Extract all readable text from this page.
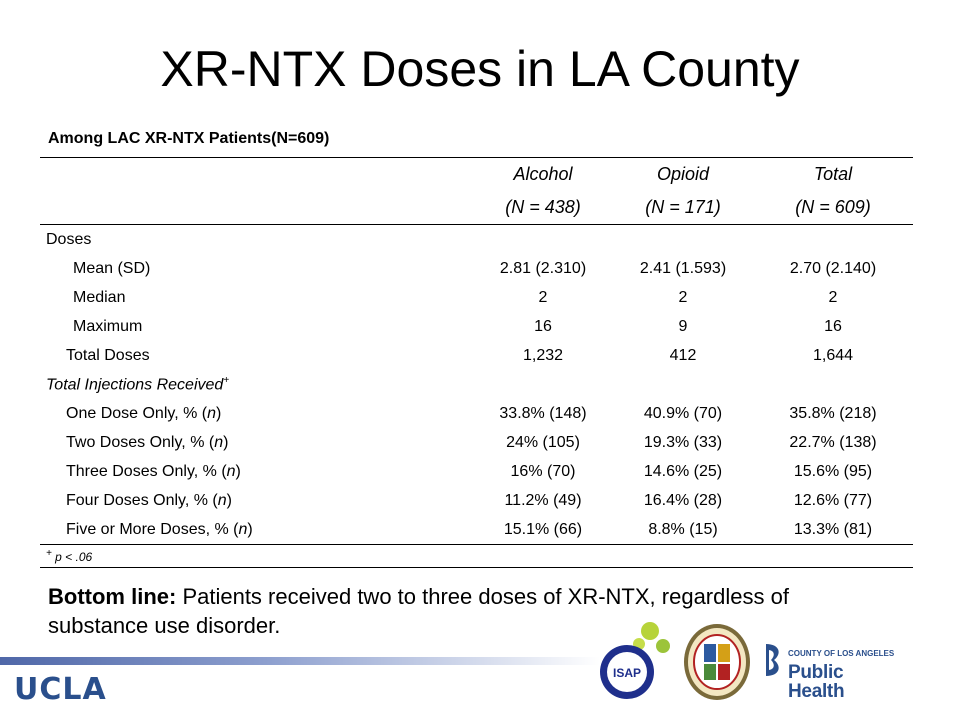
XR-NTX Doses in LA County
Among LAC XR-NTX Patients(N=609)
	Alcohol	Opioid	Total
	(N = 438)	(N = 171)	(N = 609)
Doses			
Mean (SD)	2.81 (2.310)	2.41 (1.593)	2.70 (2.140)
Median	2	2	2
Maximum	16	9	16
Total Doses	1,232	412	1,644
Total Injections Received+			
One Dose Only, % (n)	33.8% (148)	40.9% (70)	35.8% (218)
Two Doses Only, % (n)	24% (105)	19.3% (33)	22.7% (138)
Three Doses Only, % (n)	16% (70)	14.6% (25)	15.6% (95)
Four Doses Only, % (n)	11.2% (49)	16.4% (28)	12.6% (77)
Five or More Doses, % (n)	15.1% (66)	8.8% (15)	13.3% (81)
+ p < .06			
Bottom line: Patients received two to three doses of XR-NTX, regardless of substance use disorder.
UCLA	ISAP
COUNTY OF LOS ANGELES
Public Health
